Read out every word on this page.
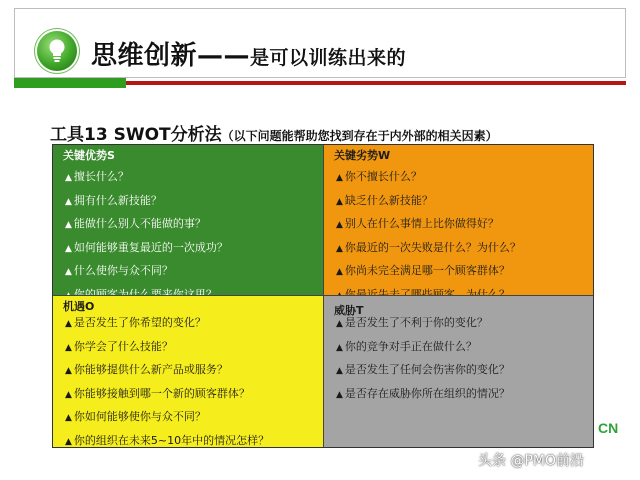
思维创新——是可以训练出来的
工具13 SWOT分析法（以下问题能帮助您找到存在于内外部的相关因素）
关键优势S
▲ 擅长什么？
▲ 拥有什么新技能？
▲ 能做什么别人不能做的事？
▲ 如何能够重复最近的一次成功？
▲ 什么使你与众不同？
▲
关键劣势W
▲ 你不擅长什么？
▲ 缺乏什么新技能？
▲ 别人在什么事情上比你做得好？
▲ 你最近的一次失败是什么？为什么？
▲ 你尚未完全满足哪一个顾客群体？
▲
机遇O
▲ 是否发生了你希望的变化？
▲ 你学会了什么技能？
▲ 你能够提供什么新产品或服务？
▲ 你能够接触到哪一个新的顾客群体？
▲ 你如何能够使你与众不同？
▲ 你的组织在未来5~10年中的情况怎样？
威胁T
▲ 是否发生了不利于你的变化？
▲ 你的竞争对手正在做什么？
▲ 是否发生了任何会伤害你的变化？
▲ 是否存在威胁你所在组织的情况？
CN
头条 @PMO前沿
